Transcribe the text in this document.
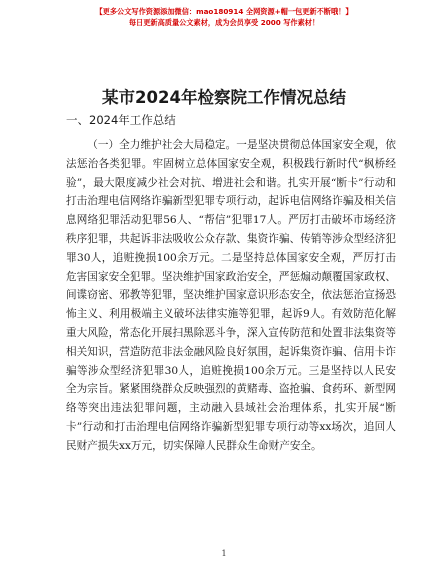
【更多公文写作资源添加微信：mao180914 全网资源+帽一包更新不断哦！】
每日更新高质量公文素材，成为会员享受 2000 写作素材！
某市2024年检察院工作情况总结
一、2024年工作总结

（一）全力维护社会大局稳定。一是坚决贯彻总体国家安全观，依法惩治各类犯罪。牢固树立总体国家安全观，积极践行新时代“枫桥经验”，最大限度减少社会对抗、增进社会和谐。扎实开展“断卡”行动和打击治理电信网络诈骗新型犯罪专项行动，起诉电信网络诈骗及相关信息网络犯罪活动犯罪56人、“帮信”犯罪17人。严厉打击破坏市场经济秩序犯罪，共起诉非法吸收公众存款、集资诈骗、传销等涉众型经济犯罪30人，追赃挽损100余万元。二是坚持总体国家安全观，严厉打击危害国家安全犯罪。坚决维护国家政治安全，严惩煽动颠覆国家政权、间谍窃密、邪教等犯罪，坚决维护国家意识形态安全，依法惩治宣扬恐怖主义、利用极端主义破坏法律实施等犯罪，起诉9人。有效防范化解重大风险，常态化开展扫黑除恶斗争，深入宣传防范和处置非法集资等相关知识，营造防范非法金融风险良好氛围，起诉集资诈骗、信用卡诈骗等涉众型经济犯罪30人，追赃挽损100余万元。三是坚持以人民安全为宗旨。紧紧围绕群众反映强烈的黄赌毒、盗抢骗、食药环、新型网络等突出违法犯罪问题，主动融入县域社会治理体系，扎实开展“断卡”行动和打击治理电信网络诈骗新型犯罪专项行动等xx场次，追回人民财产损失xx万元，切实保障人民群众生命财产安全。

1
